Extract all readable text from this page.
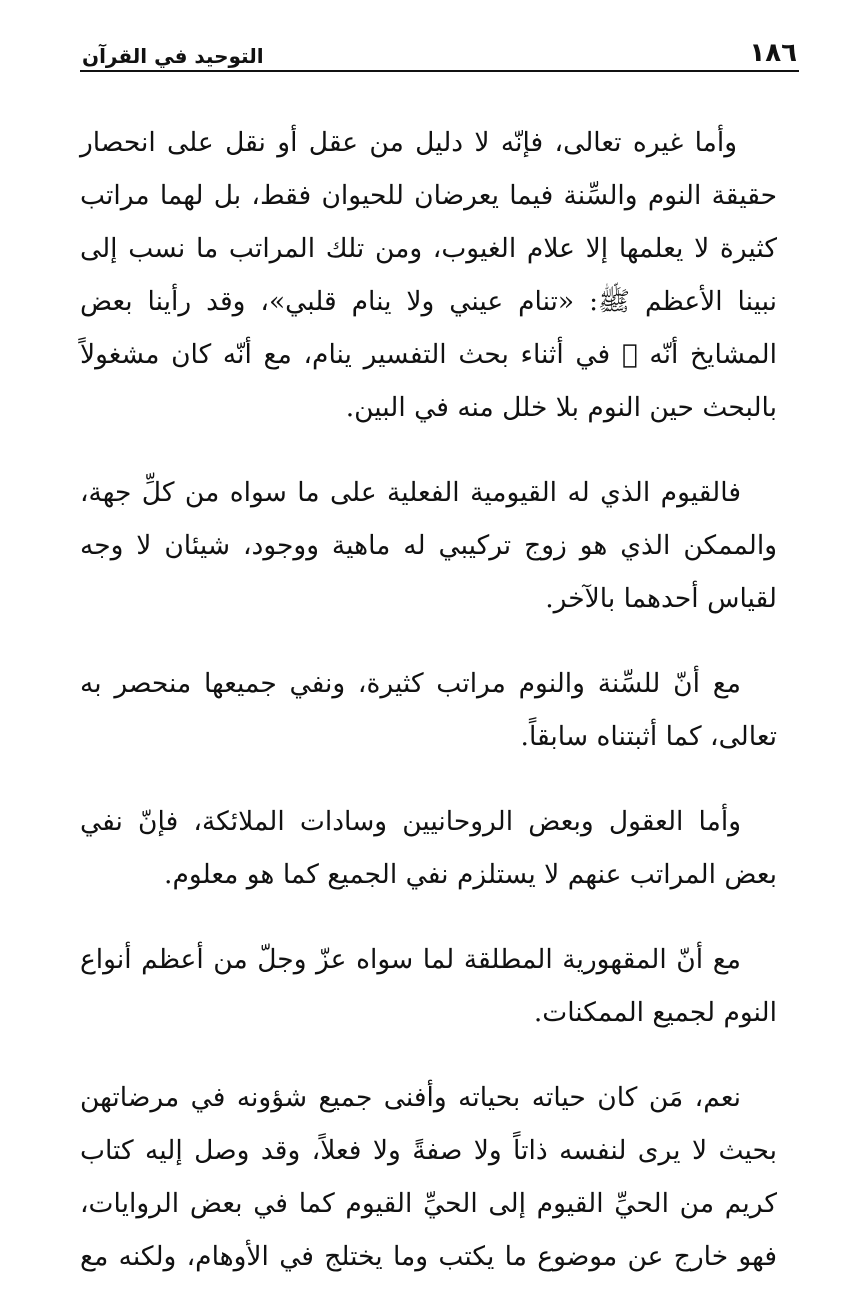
١٨٦
التوحيد في القرآن

وأما غيره تعالى، فإنّه لا دليل من عقل أو نقل على انحصار حقيقة النوم والسِّنة فيما يعرضان للحيوان فقط، بل لهما مراتب كثيرة لا يعلمها إلا علام الغيوب، ومن تلك المراتب ما نسب إلى نبينا الأعظم ﷺ: «تنام عيني ولا ينام قلبي»، وقد رأينا بعض المشايخ أنّه ﷬ في أثناء بحث التفسير ينام، مع أنّه كان مشغولاً بالبحث حين النوم بلا خلل منه في البين.

فالقيوم الذي له القيومية الفعلية على ما سواه من كلِّ جهة، والممكن الذي هو زوج تركيبي له ماهية ووجود، شيئان لا وجه لقياس أحدهما بالآخر.

مع أنّ للسِّنة والنوم مراتب كثيرة، ونفي جميعها منحصر به تعالى، كما أثبتناه سابقاً.

وأما العقول وبعض الروحانيين وسادات الملائكة، فإنّ نفي بعض المراتب عنهم لا يستلزم نفي الجميع كما هو معلوم.

مع أنّ المقهورية المطلقة لما سواه عزّ وجلّ من أعظم أنواع النوم لجميع الممكنات.

نعم، مَن كان حياته بحياته وأفنى جميع شؤونه في مرضاتهن بحيث لا يرى لنفسه ذاتاً ولا صفةً ولا فعلاً، وقد وصل إليه كتاب كريم من الحيِّ القيوم إلى الحيِّ القيوم كما في بعض الروايات، فهو خارج عن موضوع ما يكتب وما يختلج في الأوهام، ولكنه مع
